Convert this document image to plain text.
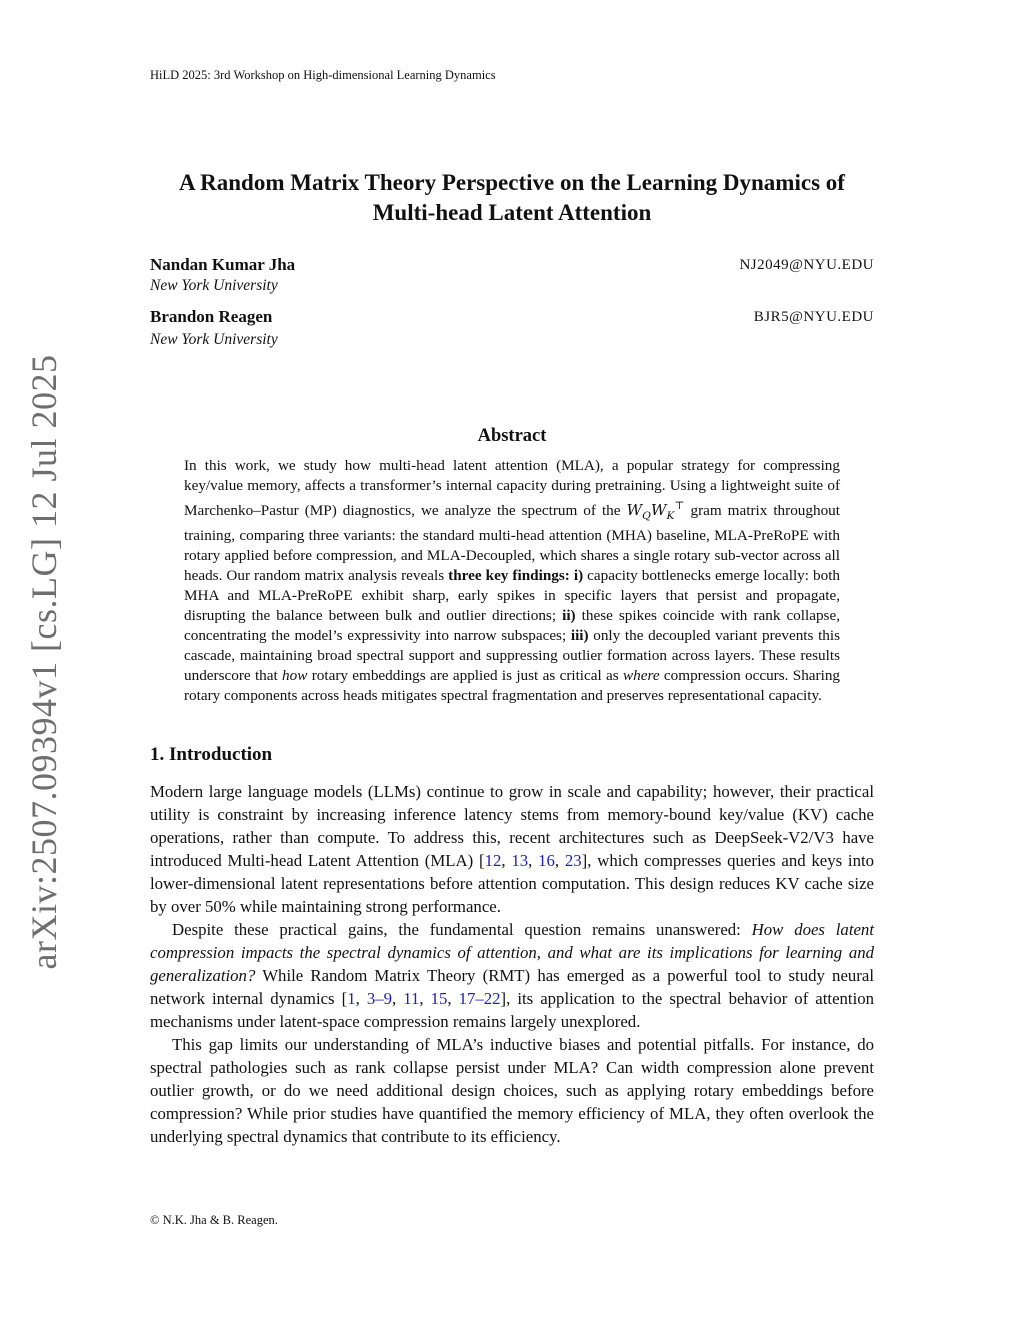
HiLD 2025: 3rd Workshop on High-dimensional Learning Dynamics
arXiv:2507.09394v1 [cs.LG] 12 Jul 2025
A Random Matrix Theory Perspective on the Learning Dynamics of Multi-head Latent Attention
Nandan Kumar Jha	NJ2049@NYU.EDU
New York University
Brandon Reagen	BJR5@NYU.EDU
New York University
Abstract
In this work, we study how multi-head latent attention (MLA), a popular strategy for compressing key/value memory, affects a transformer’s internal capacity during pretraining. Using a lightweight suite of Marchenko–Pastur (MP) diagnostics, we analyze the spectrum of the $W_QW_K^⊤$ gram matrix throughout training, comparing three variants: the standard multi-head attention (MHA) baseline, MLA-PreRoPE with rotary applied before compression, and MLA-Decoupled, which shares a single rotary sub-vector across all heads. Our random matrix analysis reveals three key findings: i) capacity bottlenecks emerge locally: both MHA and MLA-PreRoPE exhibit sharp, early spikes in specific layers that persist and propagate, disrupting the balance between bulk and outlier directions; ii) these spikes coincide with rank collapse, concentrating the model’s expressivity into narrow subspaces; iii) only the decoupled variant prevents this cascade, maintaining broad spectral support and suppressing outlier formation across layers. These results underscore that how rotary embeddings are applied is just as critical as where compression occurs. Sharing rotary components across heads mitigates spectral fragmentation and preserves representational capacity.
1. Introduction

Modern large language models (LLMs) continue to grow in scale and capability; however, their practical utility is constraint by increasing inference latency stems from memory-bound key/value (KV) cache operations, rather than compute. To address this, recent architectures such as DeepSeek-V2/V3 have introduced Multi-head Latent Attention (MLA) [12, 13, 16, 23], which compresses queries and keys into lower-dimensional latent representations before attention computation. This design reduces KV cache size by over 50% while maintaining strong performance.

Despite these practical gains, the fundamental question remains unanswered: How does latent compression impacts the spectral dynamics of attention, and what are its implications for learning and generalization? While Random Matrix Theory (RMT) has emerged as a powerful tool to study neural network internal dynamics [1, 3–9, 11, 15, 17–22], its application to the spectral behavior of attention mechanisms under latent-space compression remains largely unexplored.

This gap limits our understanding of MLA’s inductive biases and potential pitfalls. For instance, do spectral pathologies such as rank collapse persist under MLA? Can width compression alone prevent outlier growth, or do we need additional design choices, such as applying rotary embeddings before compression? While prior studies have quantified the memory efficiency of MLA, they often overlook the underlying spectral dynamics that contribute to its efficiency.

© N.K. Jha & B. Reagen.
